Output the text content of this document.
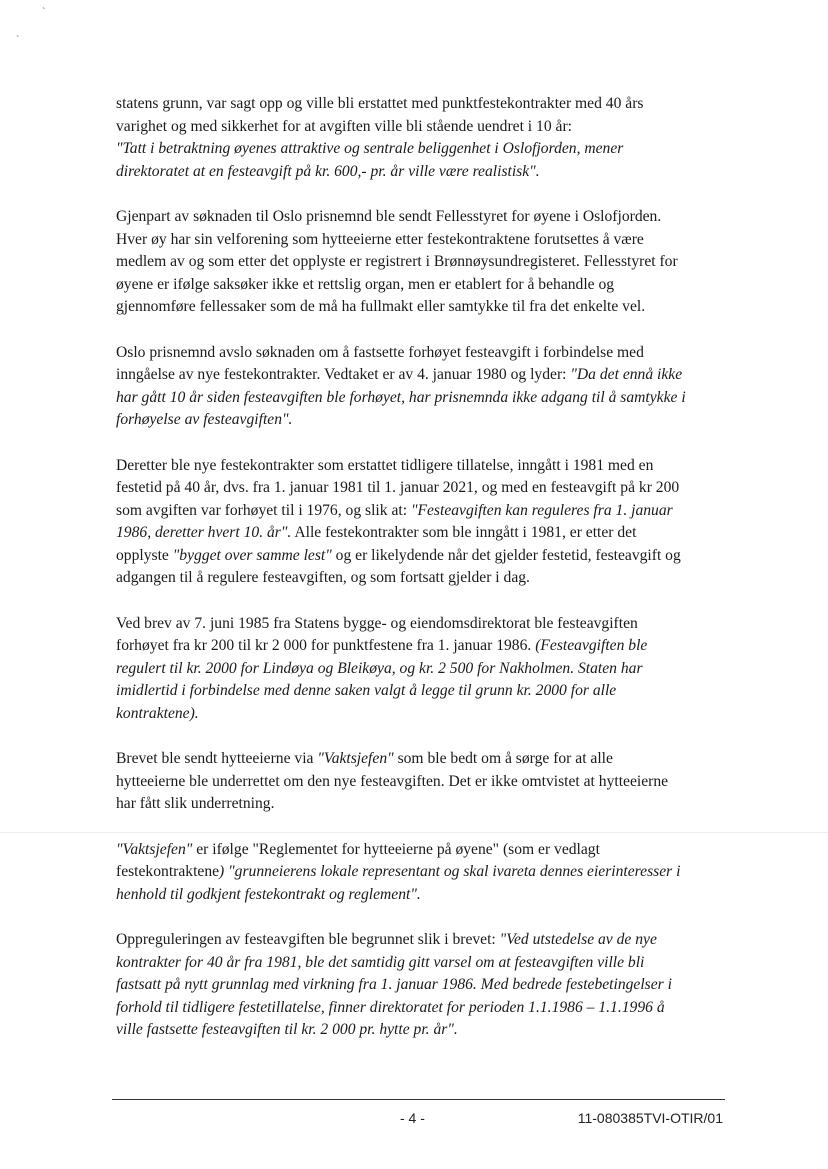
`
`

statens grunn, var sagt opp og ville bli erstattet med punktfestekontrakter med 40 års
varighet og med sikkerhet for at avgiften ville bli stående uendret i 10 år:
"Tatt i betraktning øyenes attraktive og sentrale beliggenhet i Oslofjorden, mener
direktoratet at en festeavgift på kr. 600,- pr. år ville være realistisk".

Gjenpart av søknaden til Oslo prisnemnd ble sendt Fellesstyret for øyene i Oslofjorden.
Hver øy har sin velforening som hytteeierne etter festekontraktene forutsettes å være
medlem av og som etter det opplyste er registrert i Brønnøysundregisteret. Fellesstyret for
øyene er ifølge saksøker ikke et rettslig organ, men er etablert for å behandle og
gjennomføre fellessaker som de må ha fullmakt eller samtykke til fra det enkelte vel.

Oslo prisnemnd avslo søknaden om å fastsette forhøyet festeavgift i forbindelse med
inngåelse av nye festekontrakter. Vedtaket er av 4. januar 1980 og lyder: "Da det ennå ikke
har gått 10 år siden festeavgiften ble forhøyet, har prisnemnda ikke adgang til å samtykke i
forhøyelse av festeavgiften".

Deretter ble nye festekontrakter som erstattet tidligere tillatelse, inngått i 1981 med en
festetid på 40 år, dvs. fra 1. januar 1981 til 1. januar 2021, og med en festeavgift på kr 200
som avgiften var forhøyet til i 1976, og slik at: "Festeavgiften kan reguleres fra 1. januar
1986, deretter hvert 10. år". Alle festekontrakter som ble inngått i 1981, er etter det
opplyste "bygget over samme lest" og er likelydende når det gjelder festetid, festeavgift og
adgangen til å regulere festeavgiften, og som fortsatt gjelder i dag.

Ved brev av 7. juni 1985 fra Statens bygge- og eiendomsdirektorat ble festeavgiften
forhøyet fra kr 200 til kr 2 000 for punktfestene fra 1. januar 1986. (Festeavgiften ble
regulert til kr. 2000 for Lindøya og Bleikøya, og kr. 2 500 for Nakholmen. Staten har
imidlertid i forbindelse med denne saken valgt å legge til grunn kr. 2000 for alle
kontraktene).

Brevet ble sendt hytteeierne via "Vaktsjefen" som ble bedt om å sørge for at alle
hytteeierne ble underrettet om den nye festeavgiften. Det er ikke omtvistet at hytteeierne
har fått slik underretning.

"Vaktsjefen" er ifølge "Reglementet for hytteeierne på øyene" (som er vedlagt
festekontraktene) "grunneierens lokale representant og skal ivareta dennes eierinteresser i
henhold til godkjent festekontrakt og reglement".

Oppreguleringen av festeavgiften ble begrunnet slik i brevet: "Ved utstedelse av de nye
kontrakter for 40 år fra 1981, ble det samtidig gitt varsel om at festeavgiften ville bli
fastsatt på nytt grunnlag med virkning fra 1. januar 1986. Med bedrede festebetingelser i
forhold til tidligere festetillatelse, finner direktoratet for perioden 1.1.1986 – 1.1.1996 å
ville fastsette festeavgiften til kr. 2 000 pr. hytte pr. år".

- 4 -	11-080385TVI-OTIR/01
